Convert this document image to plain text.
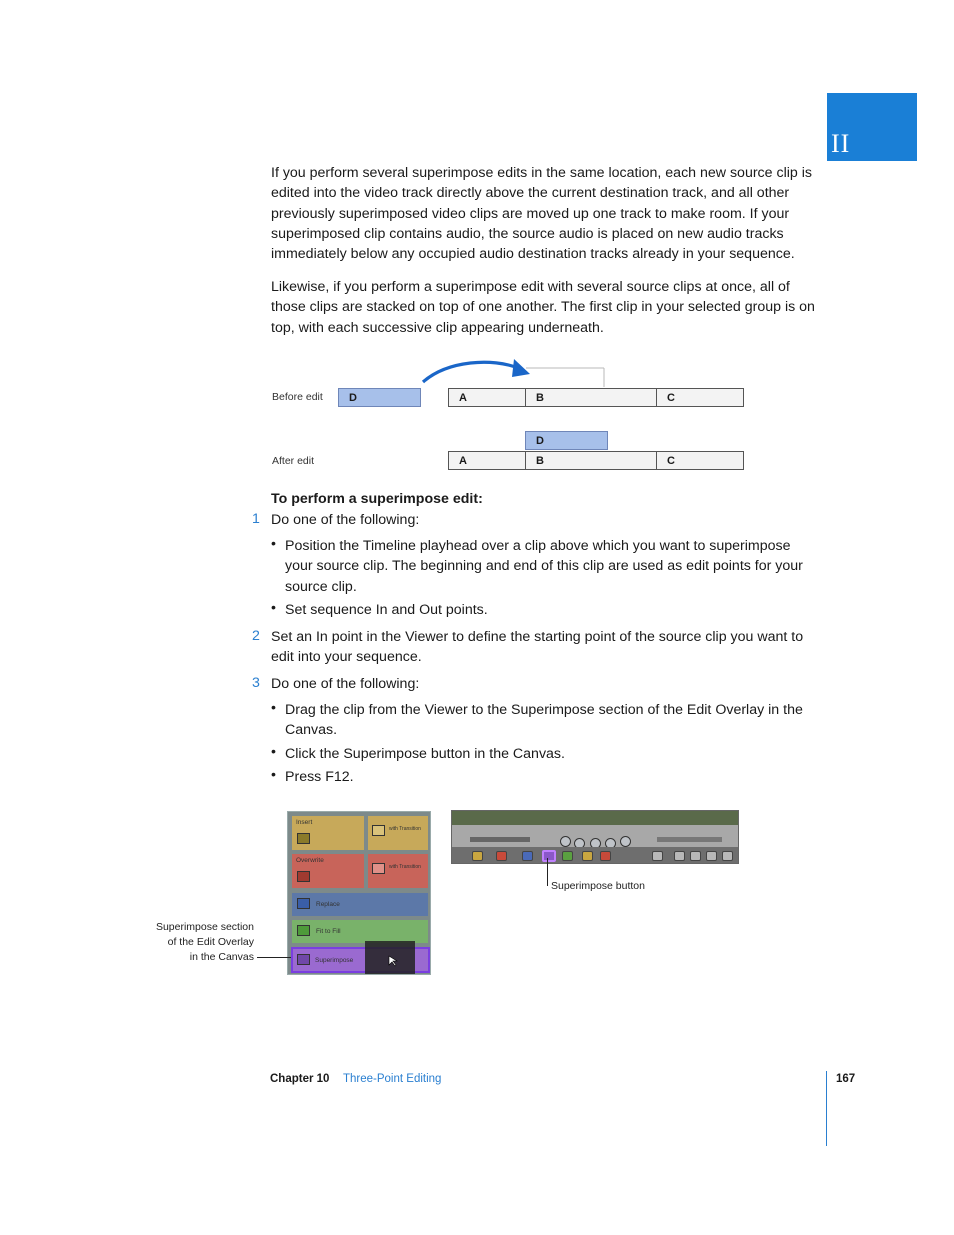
II

If you perform several superimpose edits in the same location, each new source clip is edited into the video track directly above the current destination track, and all other previously superimposed video clips are moved up one track to make room. If your superimposed clip contains audio, the source audio is placed on new audio tracks immediately below any occupied audio destination tracks already in your sequence.

Likewise, if you perform a superimpose edit with several source clips at once, all of those clips are stacked on top of one another. The first clip in your selected group is on top, with each successive clip appearing underneath.

Before edit	D	A	B	C
D
After edit	A	B	C
To perform a superimpose edit:
1 Do one of the following:
• Position the Timeline playhead over a clip above which you want to superimpose your source clip. The beginning and end of this clip are used as edit points for your source clip.
• Set sequence In and Out points.
2 Set an In point in the Viewer to define the starting point of the source clip you want to edit into your sequence.
3 Do one of the following:
• Drag the clip from the Viewer to the Superimpose section of the Edit Overlay in the Canvas.
• Click the Superimpose button in the Canvas.
• Press F12.
Insert
with Transition
Overwrite
with Transition
Replace
Fit to Fill
Superimpose
Superimpose section
of the Edit Overlay
in the Canvas
Superimpose button
Chapter 10 Three-Point Editing	167
